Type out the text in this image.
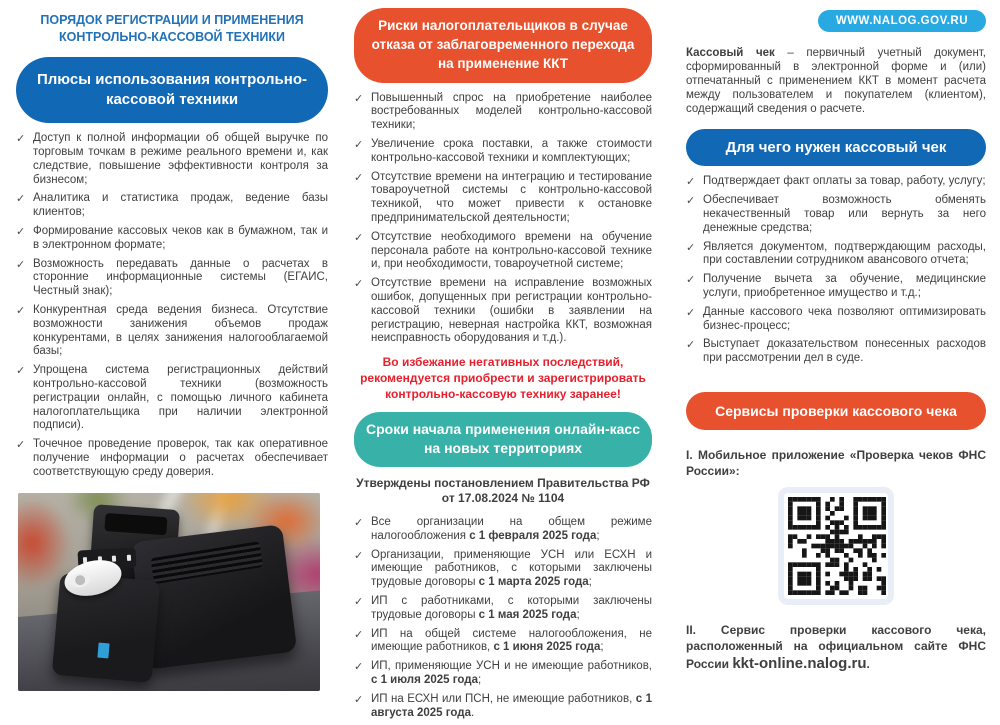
ПОРЯДОК РЕГИСТРАЦИИ И ПРИМЕНЕНИЯ КОНТРОЛЬНО-КАССОВОЙ ТЕХНИКИ
Плюсы использования контрольно-кассовой техники
✓ Доступ к полной информации об общей выручке по торговым точкам в режиме реального времени и, как следствие, повышение эффективности контроля за бизнесом;
✓ Аналитика и статистика продаж, ведение базы клиентов;
✓ Формирование кассовых чеков как в бумажном, так и в электронном формате;
✓ Возможность передавать данные о расчетах в сторонние информационные системы (ЕГАИС, Честный знак);
✓ Конкурентная среда ведения бизнеса. Отсутствие возможности занижения объемов продаж конкурентами, в целях занижения налогооблагаемой базы;
✓ Упрощена система регистрационных действий контрольно-кассовой техники (возможность регистрации онлайн, с помощью личного кабинета налогоплательщика при наличии электронной подписи).
✓ Точечное проведение проверок, так как оперативное получение информации о расчетах обеспечивает соответствующую среду доверия.
Риски налогоплательщиков в случае отказа от заблаговременного перехода на применение ККТ
✓ Повышенный спрос на приобретение наиболее востребованных моделей контрольно-кассовой техники;
✓ Увеличение срока поставки, а также стоимости контрольно-кассовой техники и комплектующих;
✓ Отсутствие времени на интеграцию и тестирование товароучетной системы с контрольно-кассовой техникой, что может привести к остановке предпринимательской деятельности;
✓ Отсутствие необходимого времени на обучение персонала работе на контрольно-кассовой технике и, при необходимости, товароучетной системе;
✓ Отсутствие времени на исправление возможных ошибок, допущенных при регистрации контрольно-кассовой техники (ошибки в заявлении на регистрацию, неверная настройка ККТ, возможная неисправность оборудования и т.д.).

Во избежание негативных последствий, рекомендуется приобрести и зарегистрировать контрольно-кассовую технику заранее!

Сроки начала применения онлайн-касс на новых территориях

Утверждены постановлением Правительства РФ от 17.08.2024 № 1104

✓ Все организации на общем режиме налогообложения с 1 февраля 2025 года;
✓ Организации, применяющие УСН или ЕСХН и имеющие работников, с которыми заключены трудовые договоры с 1 марта 2025 года;
✓ ИП с работниками, с которыми заключены трудовые договоры с 1 мая 2025 года;
✓ ИП на общей системе налогообложения, не имеющие работников, с 1 июня 2025 года;
✓ ИП, применяющие УСН и не имеющие работников, с 1 июля 2025 года;
✓ ИП на ЕСХН или ПСН, не имеющие работников, с 1 августа 2025 года.
WWW.NALOG.GOV.RU

Кассовый чек – первичный учетный документ, сформированный в электронной форме и (или) отпечатанный с применением ККТ в момент расчета между пользователем и покупателем (клиентом), содержащий сведения о расчете.

Для чего нужен кассовый чек
✓ Подтверждает факт оплаты за товар, работу, услугу;
✓ Обеспечивает возможность обменять некачественный товар или вернуть за него денежные средства;
✓ Является документом, подтверждающим расходы, при составлении сотрудником авансового отчета;
✓ Получение вычета за обучение, медицинские услуги, приобретенное имущество и т.д.;
✓ Данные кассового чека позволяют оптимизировать бизнес-процесс;
✓ Выступает доказательством понесенных расходов при рассмотрении дел в суде.
Сервисы проверки кассового чека

I. Мобильное приложение «Проверка чеков ФНС России»:

II. Сервис проверки кассового чека, расположенный на официальном сайте ФНС России kkt-online.nalog.ru.
